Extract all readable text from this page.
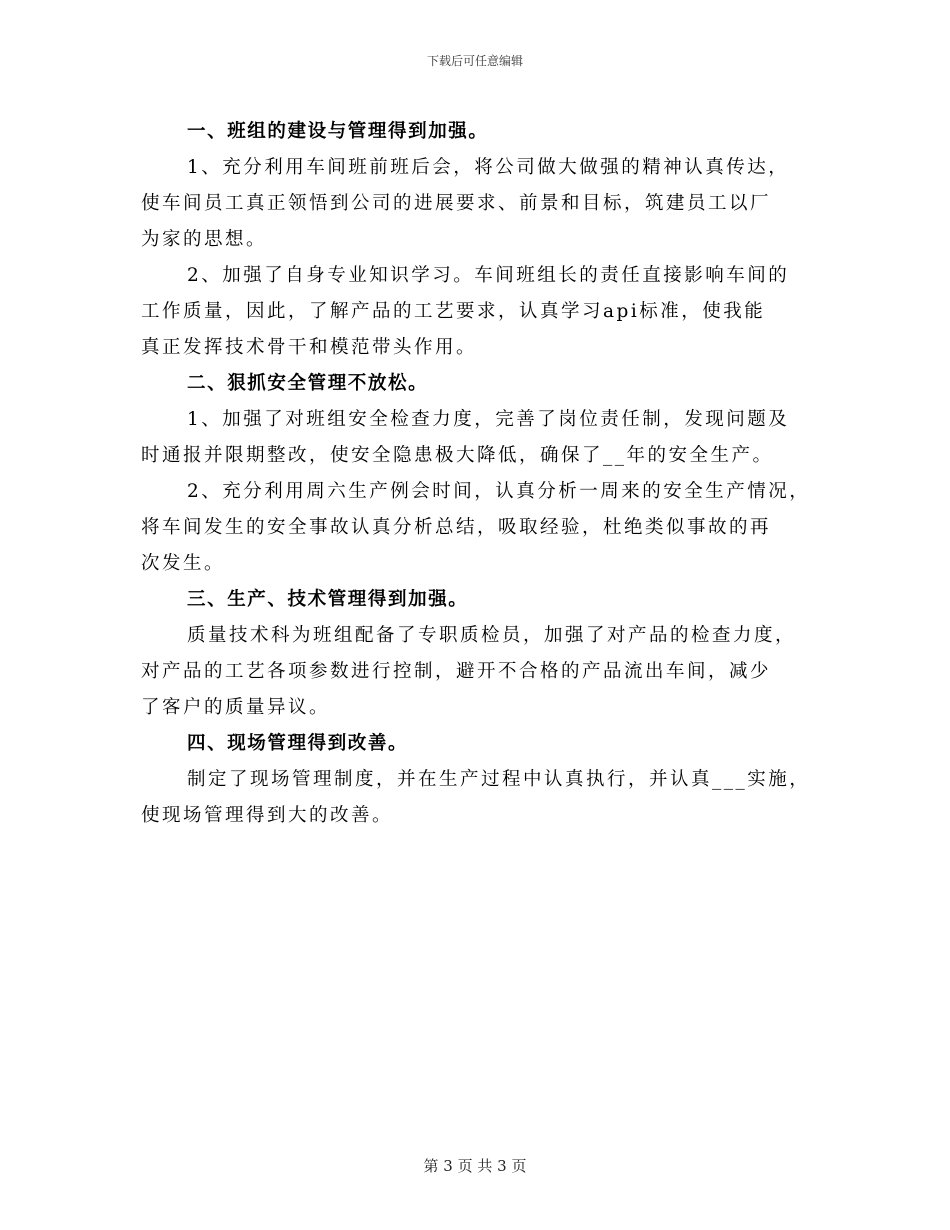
下载后可任意编辑
一、班组的建设与管理得到加强。

1、充分利用车间班前班后会，将公司做大做强的精神认真传达，
使车间员工真正领悟到公司的进展要求、前景和目标，筑建员工以厂
为家的思想。

2、加强了自身专业知识学习。车间班组长的责任直接影响车间的
工作质量，因此，了解产品的工艺要求，认真学习api标准，使我能
真正发挥技术骨干和模范带头作用。

二、狠抓安全管理不放松。

1、加强了对班组安全检查力度，完善了岗位责任制，发现问题及
时通报并限期整改，使安全隐患极大降低，确保了__年的安全生产。

2、充分利用周六生产例会时间，认真分析一周来的安全生产情况，
将车间发生的安全事故认真分析总结，吸取经验，杜绝类似事故的再
次发生。

三、生产、技术管理得到加强。

质量技术科为班组配备了专职质检员，加强了对产品的检查力度，
对产品的工艺各项参数进行控制，避开不合格的产品流出车间，减少
了客户的质量异议。

四、现场管理得到改善。

制定了现场管理制度，并在生产过程中认真执行，并认真___实施，
使现场管理得到大的改善。

第 3 页 共 3 页
